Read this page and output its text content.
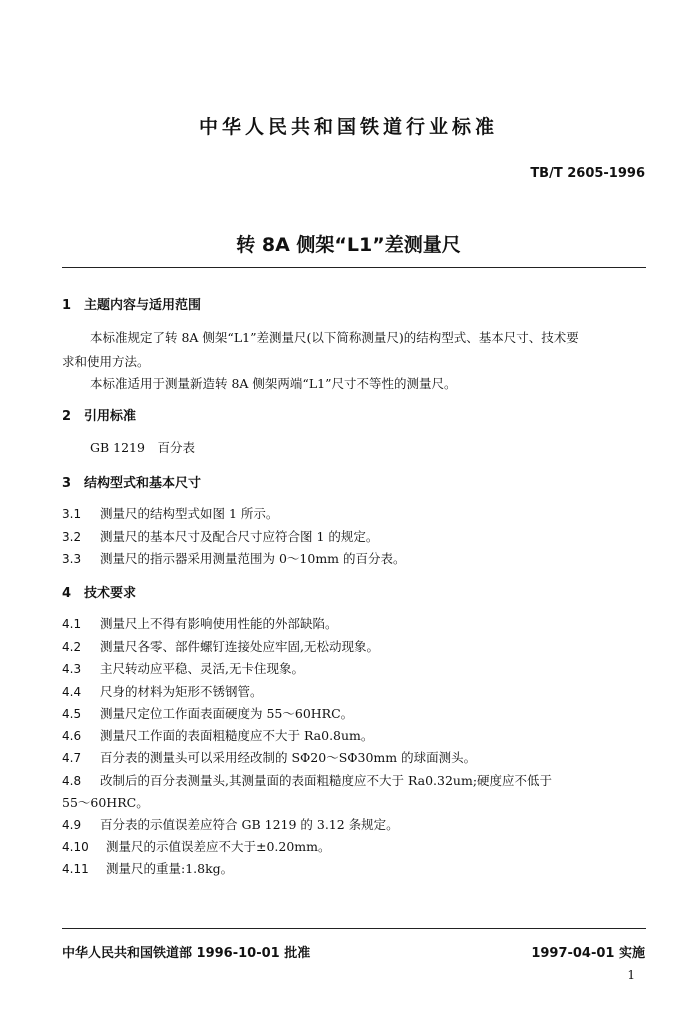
中华人民共和国铁道行业标准
TB/T 2605-1996
转 8A 侧架“L1”差测量尺
1 主题内容与适用范围
本标准规定了转 8A 侧架“L1”差测量尺(以下简称测量尺)的结构型式、基本尺寸、技术要
求和使用方法。
本标准适用于测量新造转 8A 侧架两端“L1”尺寸不等性的测量尺。
2 引用标准
GB 1219　百分表
3 结构型式和基本尺寸
3.1 测量尺的结构型式如图 1 所示。
3.2 测量尺的基本尺寸及配合尺寸应符合图 1 的规定。
3.3 测量尺的指示器采用测量范围为 0～10mm 的百分表。
4 技术要求
4.1 测量尺上不得有影响使用性能的外部缺陷。
4.2 测量尺各零、部件螺钉连接处应牢固,无松动现象。
4.3 主尺转动应平稳、灵活,无卡住现象。
4.4 尺身的材料为矩形不锈钢管。
4.5 测量尺定位工作面表面硬度为 55～60HRC。
4.6 测量尺工作面的表面粗糙度应不大于 Ra0.8um。
4.7 百分表的测量头可以采用经改制的 SΦ20～SΦ30mm 的球面测头。
4.8 改制后的百分表测量头,其测量面的表面粗糙度应不大于 Ra0.32um;硬度应不低于
55～60HRC。
4.9 百分表的示值误差应符合 GB 1219 的 3.12 条规定。
4.10 测量尺的示值误差应不大于±0.20mm。
4.11 测量尺的重量:1.8kg。
中华人民共和国铁道部 1996-10-01 批准	1997-04-01 实施
1
